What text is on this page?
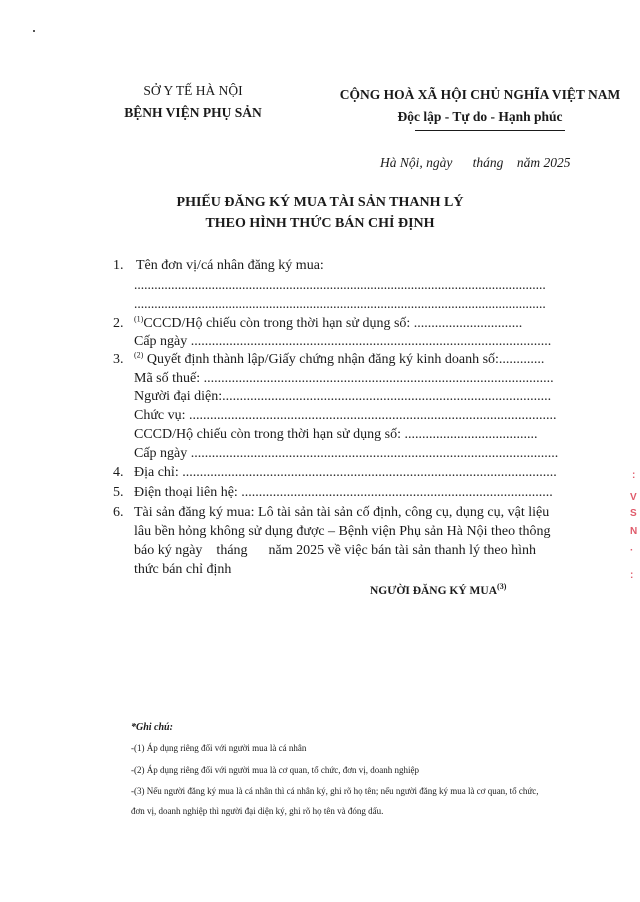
SỞ Y TẾ HÀ NỘI
BỆNH VIỆN PHỤ SẢN
CỘNG HOÀ XÃ HỘI CHỦ NGHĨA VIỆT NAM
Độc lập - Tự do - Hạnh phúc
Hà Nội, ngày      tháng    năm 2025
PHIẾU ĐĂNG KÝ MUA TÀI SẢN THANH LÝ
THEO HÌNH THỨC BÁN CHỈ ĐỊNH
1. Tên đơn vị/cá nhân đăng ký mua:
..........................................................................................................................
..........................................................................................................................
2. $^{(1)}$CCCD/Hộ chiếu còn trong thời hạn sử dụng số: ...............................
Cấp ngày .......................................................................................................
3. $^{(2)}$ Quyết định thành lập/Giấy chứng nhận đăng ký kinh doanh số:.............
Mã số thuế: ....................................................................................................
Người đại diện:..............................................................................................
Chức vụ: .........................................................................................................
CCCD/Hộ chiếu còn trong thời hạn sử dụng số: ......................................
Cấp ngày .........................................................................................................
4. Địa chỉ: ...........................................................................................................
5. Điện thoại liên hệ: .........................................................................................
6. Tài sản đăng ký mua: Lô tài sản tài sản cố định, công cụ, dụng cụ, vật liệu
lâu bền hỏng không sử dụng được – Bệnh viện Phụ sản Hà Nội theo thông
báo ký ngày    tháng      năm 2025 về việc bán tài sản thanh lý theo hình
thức bán chỉ định
NGƯỜI ĐĂNG KÝ MUA$^{(3)}$
*Ghi chú:
-(1) Áp dụng riêng đối với người mua là cá nhân
-(2) Áp dụng riêng đối với người mua là cơ quan, tổ chức, đơn vị, doanh nghiệp
-(3) Nếu người đăng ký mua là cá nhân thì cá nhân ký, ghi rõ họ tên; nếu người đăng ký mua là cơ quan, tổ chức,
đơn vị, doanh nghiệp thì người đại diện ký, ghi rõ họ tên và đóng dấu.
:
V
S
N
·
:
